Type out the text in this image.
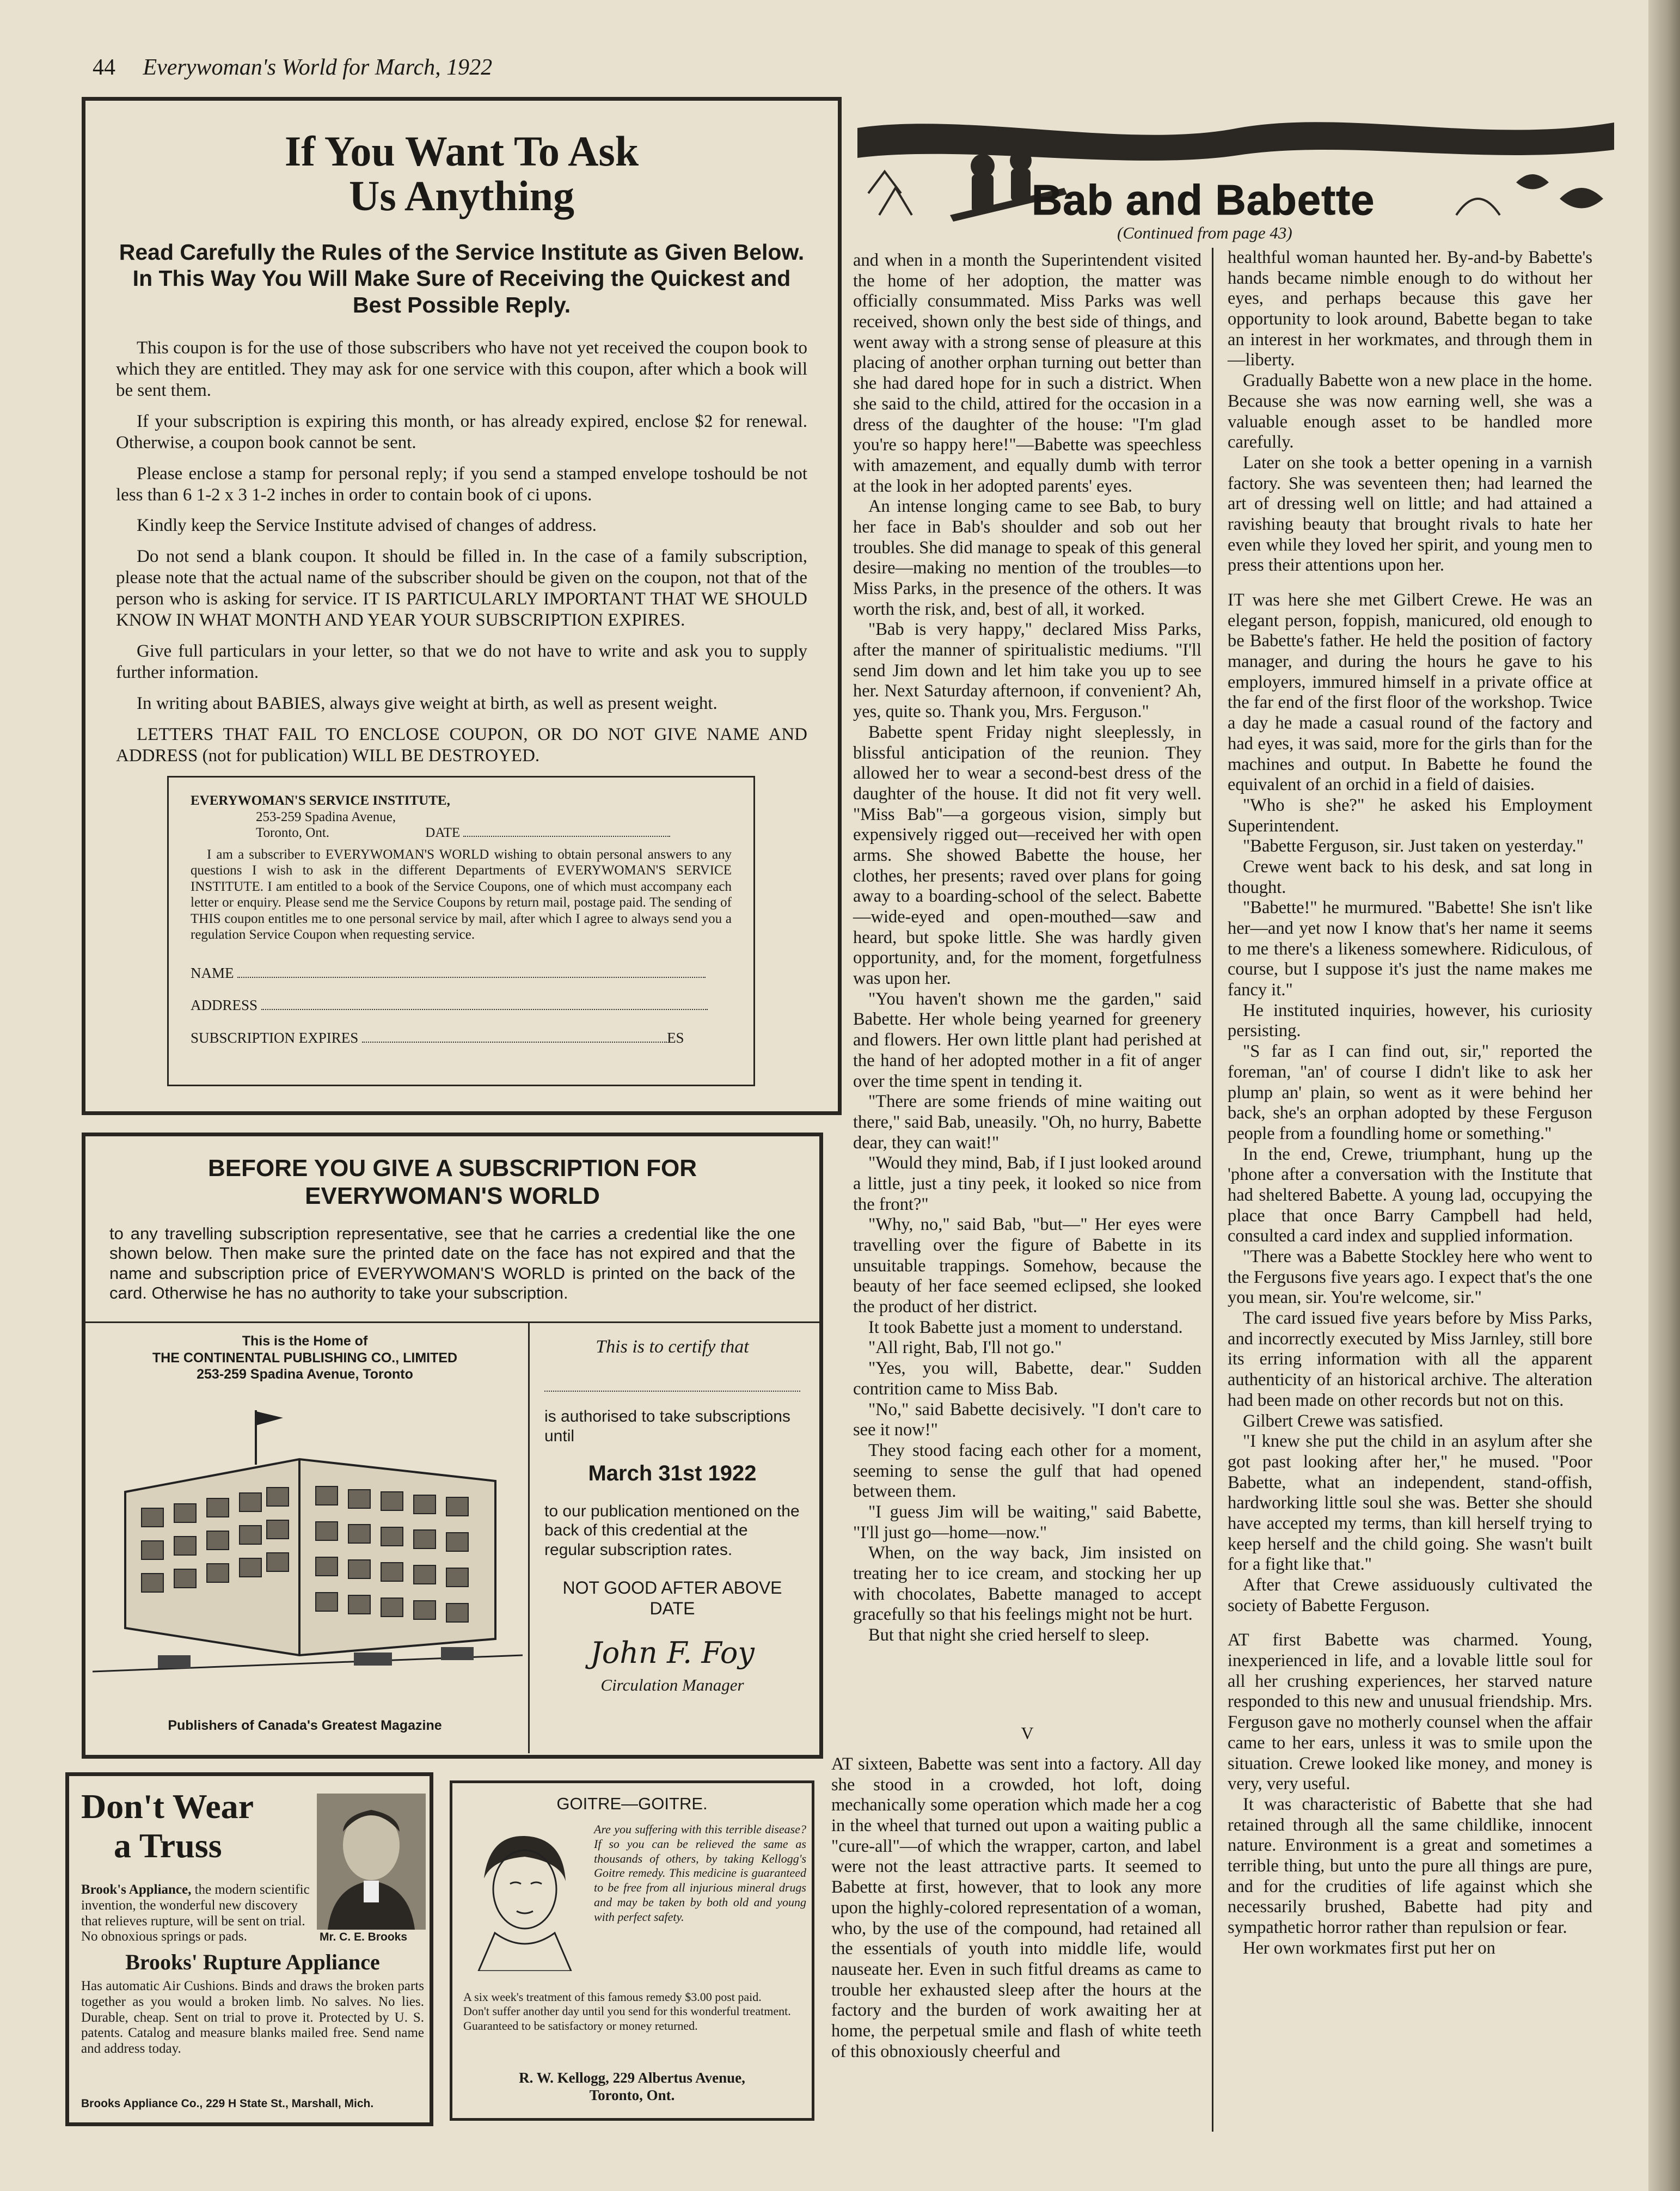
44 Everywoman's World for March, 1922
If You Want To Ask
Us Anything
Read Carefully the Rules of the Service Institute as Given Below. In This Way You Will Make Sure of Receiving the Quickest and Best Possible Reply.

This coupon is for the use of those subscribers who have not yet received the coupon book to which they are entitled. They may ask for one service with this coupon, after which a book will be sent them.

If your subscription is expiring this month, or has already expired, enclose $2 for renewal. Otherwise, a coupon book cannot be sent.

Please enclose a stamp for personal reply; if you send a stamped envelope toshould be not less than 6 1-2 x 3 1-2 inches in order to contain book of ci upons.

Kindly keep the Service Institute advised of changes of address.

Do not send a blank coupon. It should be filled in. In the case of a family subscription, please note that the actual name of the subscriber should be given on the coupon, not that of the person who is asking for service. IT IS PARTICULARLY IMPORTANT THAT WE SHOULD KNOW IN WHAT MONTH AND YEAR YOUR SUBSCRIPTION EXPIRES.

Give full particulars in your letter, so that we do not have to write and ask you to supply further information.

In writing about BABIES, always give weight at birth, as well as present weight.

LETTERS THAT FAIL TO ENCLOSE COUPON, OR DO NOT GIVE NAME AND ADDRESS (not for publication) WILL BE DESTROYED.

EVERYWOMAN'S SERVICE INSTITUTE,
253-259 Spadina Avenue,
Toronto, Ont.	DATE
I am a subscriber to EVERYWOMAN'S WORLD wishing to obtain personal answers to any questions I wish to ask in the different Departments of EVERYWOMAN'S SERVICE INSTITUTE. I am entitled to a book of the Service Coupons, one of which must accompany each letter or enquiry. Please send me the Service Coupons by return mail, postage paid. The sending of THIS coupon entitles me to one personal service by mail, after which I agree to always send you a regulation Service Coupon when requesting service.
NAME
ADDRESS
SUBSCRIPTION EXPIRES	ES
BEFORE YOU GIVE A SUBSCRIPTION FOR
EVERYWOMAN'S WORLD
to any travelling subscription representative, see that he carries a credential like the one shown below. Then make sure the printed date on the face has not expired and that the name and subscription price of EVERYWOMAN'S WORLD is printed on the back of the card. Otherwise he has no authority to take your subscription.
This is the Home of
THE CONTINENTAL PUBLISHING CO., LIMITED
253-259 Spadina Avenue, Toronto
Publishers of Canada's Greatest Magazine
This is to certify that
is authorised to take subscriptions until
March 31st 1922
to our publication mentioned on the back of this credential at the regular subscription rates.
NOT GOOD AFTER ABOVE DATE
John F. Foy
Circulation Manager
Don't Wear
a Truss
Mr. C. E. Brooks
Brook's Appliance, the modern scientific invention, the wonderful new discovery that relieves rupture, will be sent on trial. No obnoxious springs or pads.
Brooks' Rupture Appliance
Has automatic Air Cushions. Binds and draws the broken parts together as you would a broken limb. No salves. No lies. Durable, cheap. Sent on trial to prove it. Protected by U. S. patents. Catalog and measure blanks mailed free. Send name and address today.
Brooks Appliance Co., 229 H State St., Marshall, Mich.
GOITRE—GOITRE.
Are you suffering with this terrible disease? If so you can be relieved the same as thousands of others, by taking Kellogg's Goitre remedy. This medicine is guaranteed to be free from all injurious mineral drugs and may be taken by both old and young with perfect safety.
A six week's treatment of this famous remedy $3.00 post paid.
Don't suffer another day until you send for this wonderful treatment. Guaranteed to be satisfactory or money returned.
R. W. Kellogg, 229 Albertus Avenue,
Toronto, Ont.
Bab and Babette
(Continued from page 43)

and when in a month the Superintendent visited the home of her adoption, the matter was officially consummated. Miss Parks was well received, shown only the best side of things, and went away with a strong sense of pleasure at this placing of another orphan turning out better than she had dared hope for in such a district. When she said to the child, attired for the occasion in a dress of the daughter of the house: "I'm glad you're so happy here!"—Babette was speechless with amazement, and equally dumb with terror at the look in her adopted parents' eyes.

An intense longing came to see Bab, to bury her face in Bab's shoulder and sob out her troubles. She did manage to speak of this general desire—making no mention of the troubles—to Miss Parks, in the presence of the others. It was worth the risk, and, best of all, it worked.

"Bab is very happy," declared Miss Parks, after the manner of spiritualistic mediums. "I'll send Jim down and let him take you up to see her. Next Saturday afternoon, if convenient? Ah, yes, quite so. Thank you, Mrs. Ferguson."

Babette spent Friday night sleeplessly, in blissful anticipation of the reunion. They allowed her to wear a second-best dress of the daughter of the house. It did not fit very well. "Miss Bab"—a gorgeous vision, simply but expensively rigged out—received her with open arms. She showed Babette the house, her clothes, her presents; raved over plans for going away to a boarding-school of the select. Babette—wide-eyed and open-mouthed—saw and heard, but spoke little. She was hardly given opportunity, and, for the moment, forgetfulness was upon her.

"You haven't shown me the garden," said Babette. Her whole being yearned for greenery and flowers. Her own little plant had perished at the hand of her adopted mother in a fit of anger over the time spent in tending it.

"There are some friends of mine waiting out there," said Bab, uneasily. "Oh, no hurry, Babette dear, they can wait!"

"Would they mind, Bab, if I just looked around a little, just a tiny peek, it looked so nice from the front?"

"Why, no," said Bab, "but—" Her eyes were travelling over the figure of Babette in its unsuitable trappings. Somehow, because the beauty of her face seemed eclipsed, she looked the product of her district.

It took Babette just a moment to understand.

"All right, Bab, I'll not go."

"Yes, you will, Babette, dear." Sudden contrition came to Miss Bab.

"No," said Babette decisively. "I don't care to see it now!"

They stood facing each other for a moment, seeming to sense the gulf that had opened between them.

"I guess Jim will be waiting," said Babette, "I'll just go—home—now."

When, on the way back, Jim insisted on treating her to ice cream, and stocking her up with chocolates, Babette managed to accept gracefully so that his feelings might not be hurt.

But that night she cried herself to sleep.

V

AT sixteen, Babette was sent into a factory. All day she stood in a crowded, hot loft, doing mechanically some operation which made her a cog in the wheel that turned out upon a waiting public a "cure-all"—of which the wrapper, carton, and label were not the least attractive parts. It seemed to Babette at first, however, that to look any more upon the highly-colored representation of a woman, who, by the use of the compound, had retained all the essentials of youth into middle life, would nauseate her. Even in such fitful dreams as came to trouble her exhausted sleep after the hours at the factory and the burden of work awaiting her at home, the perpetual smile and flash of white teeth of this obnoxiously cheerful and

healthful woman haunted her. By-and-by Babette's hands became nimble enough to do without her eyes, and perhaps because this gave her opportunity to look around, Babette began to take an interest in her workmates, and through them in—liberty.

Gradually Babette won a new place in the home. Because she was now earning well, she was a valuable enough asset to be handled more carefully.

Later on she took a better opening in a varnish factory. She was seventeen then; had learned the art of dressing well on little; and had attained a ravishing beauty that brought rivals to hate her even while they loved her spirit, and young men to press their attentions upon her.

IT was here she met Gilbert Crewe. He was an elegant person, foppish, manicured, old enough to be Babette's father. He held the position of factory manager, and during the hours he gave to his employers, immured himself in a private office at the far end of the first floor of the workshop. Twice a day he made a casual round of the factory and had eyes, it was said, more for the girls than for the machines and output. In Babette he found the equivalent of an orchid in a field of daisies.

"Who is she?" he asked his Employment Superintendent.

"Babette Ferguson, sir. Just taken on yesterday."

Crewe went back to his desk, and sat long in thought.

"Babette!" he murmured. "Babette! She isn't like her—and yet now I know that's her name it seems to me there's a likeness somewhere. Ridiculous, of course, but I suppose it's just the name makes me fancy it."

He instituted inquiries, however, his curiosity persisting.

"S far as I can find out, sir," reported the foreman, "an' of course I didn't like to ask her plump an' plain, so went as it were behind her back, she's an orphan adopted by these Ferguson people from a foundling home or something."

In the end, Crewe, triumphant, hung up the 'phone after a conversation with the Institute that had sheltered Babette. A young lad, occupying the place that once Barry Campbell had held, consulted a card index and supplied information.

"There was a Babette Stockley here who went to the Fergusons five years ago. I expect that's the one you mean, sir. You're welcome, sir."

The card issued five years before by Miss Parks, and incorrectly executed by Miss Jarnley, still bore its erring information with all the apparent authenticity of an historical archive. The alteration had been made on other records but not on this.

Gilbert Crewe was satisfied.

"I knew she put the child in an asylum after she got past looking after her," he mused. "Poor Babette, what an independent, stand-offish, hardworking little soul she was. Better she should have accepted my terms, than kill herself trying to keep herself and the child going. She wasn't built for a fight like that."

After that Crewe assiduously cultivated the society of Babette Ferguson.

AT first Babette was charmed. Young, inexperienced in life, and a lovable little soul for all her crushing experiences, her starved nature responded to this new and unusual friendship. Mrs. Ferguson gave no motherly counsel when the affair came to her ears, unless it was to smile upon the situation. Crewe looked like money, and money is very, very useful.

It was characteristic of Babette that she had retained through all the same childlike, innocent nature. Environment is a great and sometimes a terrible thing, but unto the pure all things are pure, and for the crudities of life against which she necessarily brushed, Babette had pity and sympathetic horror rather than repulsion or fear.

Her own workmates first put her on
